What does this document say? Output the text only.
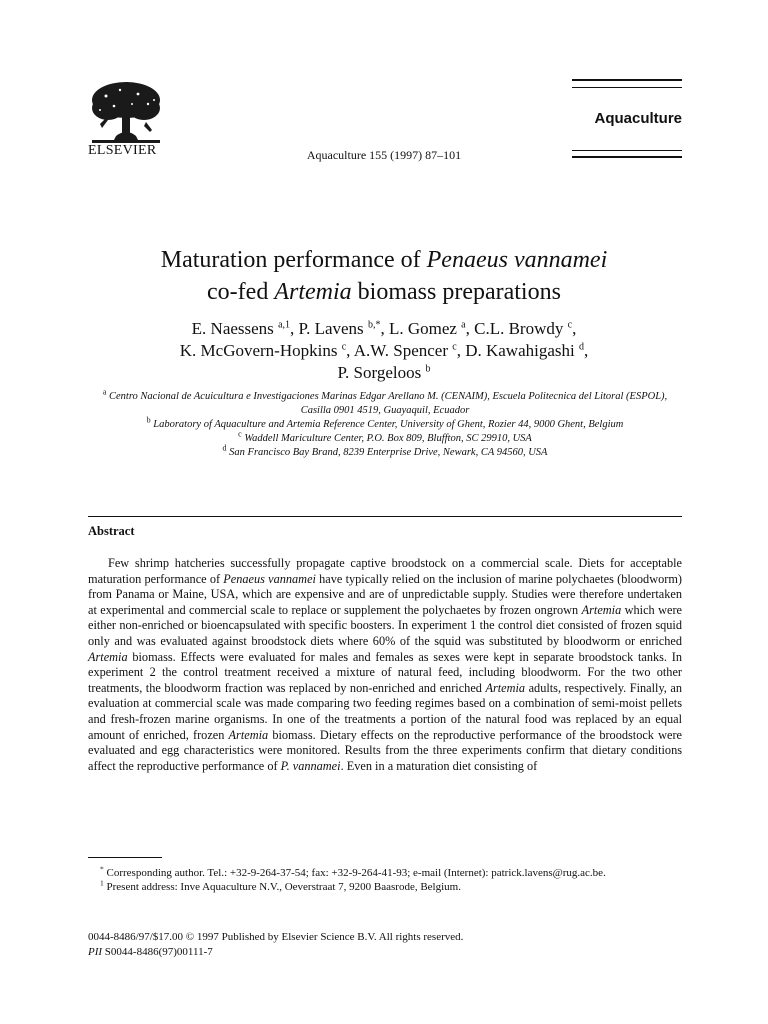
ELSEVIER	Aquaculture 155 (1997) 87–101
Aquaculture
Maturation performance of Penaeus vannamei
co-fed Artemia biomass preparations
E. Naessens $^{a,1}$, P. Lavens $^{b,*}$, L. Gomez $^a$, C.L. Browdy $^c$,
K. McGovern-Hopkins $^c$, A.W. Spencer $^c$, D. Kawahigashi $^d$,
P. Sorgeloos $^b$
$^a$ Centro Nacional de Acuicultura e Investigaciones Marinas Edgar Arellano M. (CENAIM), Escuela Politecnica del Litoral (ESPOL), Casilla 0901 4519, Guayaquil, Ecuador
$^b$ Laboratory of Aquaculture and Artemia Reference Center, University of Ghent, Rozier 44, 9000 Ghent, Belgium
$^c$ Waddell Mariculture Center, P.O. Box 809, Bluffton, SC 29910, USA
$^d$ San Francisco Bay Brand, 8239 Enterprise Drive, Newark, CA 94560, USA
Abstract
Few shrimp hatcheries successfully propagate captive broodstock on a commercial scale. Diets for acceptable maturation performance of Penaeus vannamei have typically relied on the inclusion of marine polychaetes (bloodworm) from Panama or Maine, USA, which are expensive and are of unpredictable supply. Studies were therefore undertaken at experimental and commercial scale to replace or supplement the polychaetes by frozen ongrown Artemia which were either non-enriched or bioencapsulated with specific boosters. In experiment 1 the control diet consisted of frozen squid only and was evaluated against broodstock diets where 60% of the squid was substituted by bloodworm or enriched Artemia biomass. Effects were evaluated for males and females as sexes were kept in separate broodstock tanks. In experiment 2 the control treatment received a mixture of natural feed, including bloodworm. For the two other treatments, the bloodworm fraction was replaced by non-enriched and enriched Artemia adults, respectively. Finally, an evaluation at commercial scale was made comparing two feeding regimes based on a combination of semi-moist pellets and fresh-frozen marine organisms. In one of the treatments a portion of the natural food was replaced by an equal amount of enriched, frozen Artemia biomass. Dietary effects on the reproductive performance of the broodstock were evaluated and egg characteristics were monitored. Results from the three experiments confirm that dietary conditions affect the reproductive performance of P. vannamei. Even in a maturation diet consisting of
* Corresponding author. Tel.: +32-9-264-37-54; fax: +32-9-264-41-93; e-mail (Internet): patrick.lavens@rug.ac.be.
$^1$ Present address: Inve Aquaculture N.V., Oeverstraat 7, 9200 Baasrode, Belgium.
0044-8486/97/$17.00 © 1997 Published by Elsevier Science B.V. All rights reserved.
PII S0044-8486(97)00111-7
